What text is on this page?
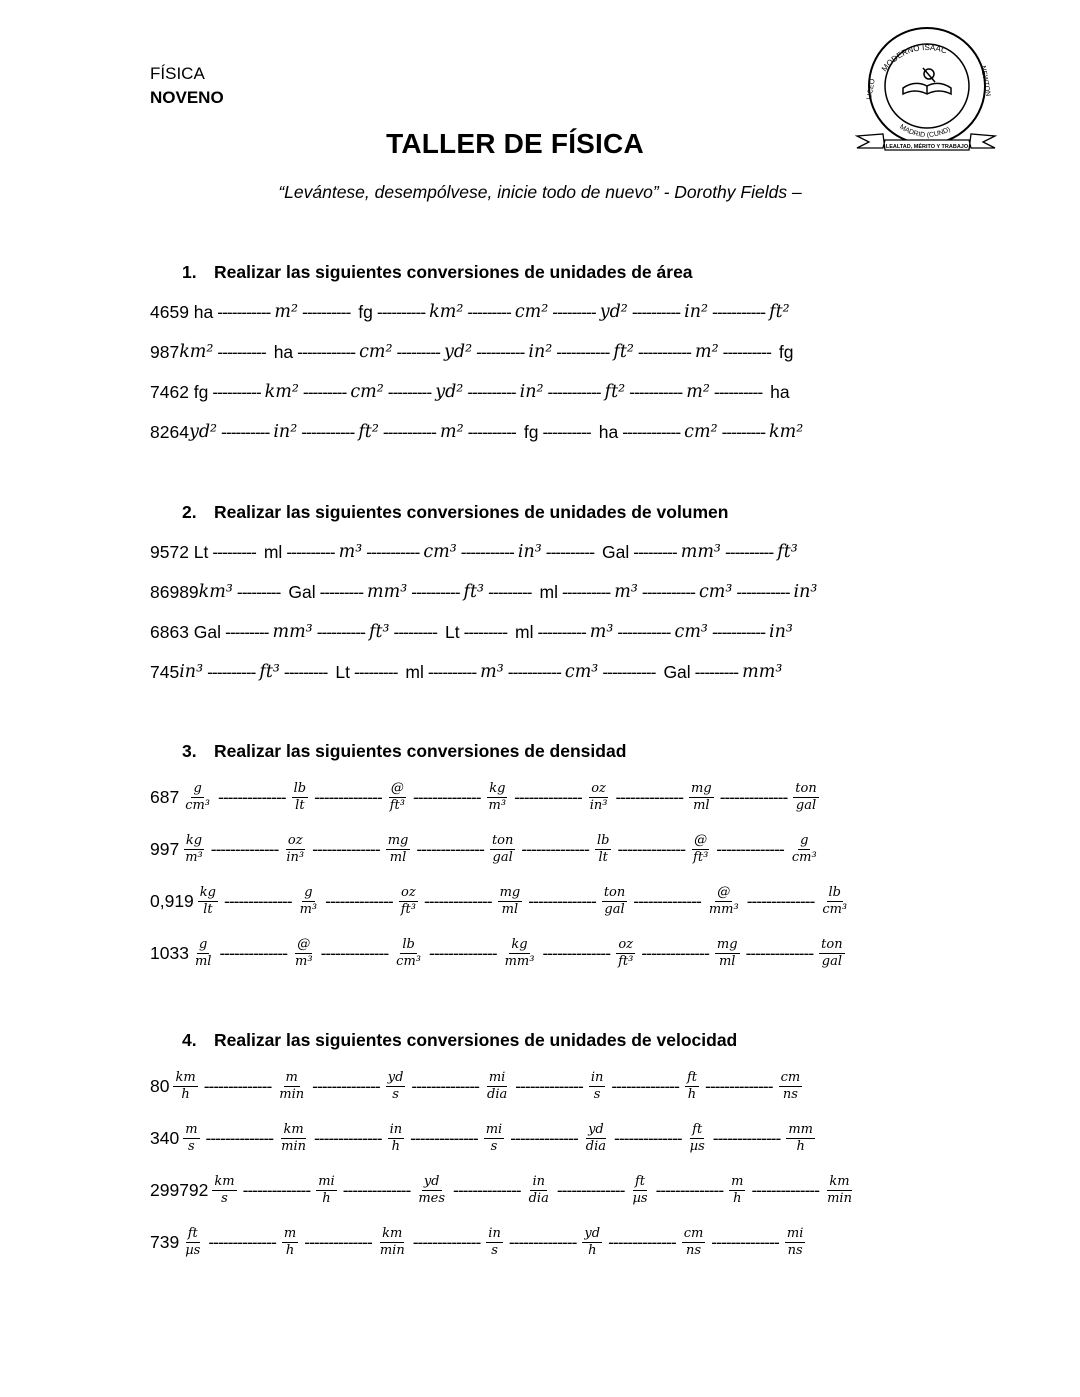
FÍSICA
NOVENO
TALLER DE FÍSICA
“Levántese, desempólvese, inicie todo de nuevo” - Dorothy Fields –
MODERNO ISAAC
LICEO	NEWTON
MADRID (CUND)
LEALTAD, MÉRITO Y TRABAJO
1. Realizar las siguientes conversiones de unidades de área
4659 ha ----------- m² ---------- fg ---------- km² --------- cm² --------- yd² ---------- in² ----------- ft²
987 km² ---------- ha ------------ cm² --------- yd² ---------- in² ----------- ft² ----------- m² ---------- fg
7462 fg ---------- km² --------- cm² --------- yd² ---------- in² ----------- ft² ----------- m² ---------- ha
8264 yd² ---------- in² ----------- ft² ----------- m² ---------- fg ---------- ha ------------ cm² --------- km²
2. Realizar las siguientes conversiones de unidades de volumen
9572 Lt --------- ml ---------- m³ ----------- cm³ ----------- in³ ---------- Gal --------- mm³ ---------- ft³
86989 km³ --------- Gal --------- mm³ ---------- ft³ --------- ml ---------- m³ ----------- cm³ ----------- in³
6863 Gal --------- mm³ ---------- ft³ --------- Lt --------- ml ---------- m³ ----------- cm³ ----------- in³
745 in³ ---------- ft³ --------- Lt --------- ml ---------- m³ ----------- cm³ ----------- Gal --------- mm³
3. Realizar las siguientes conversiones de densidad
$687 \frac{g}{\text{cm³}}$ -------------- $\frac{lb}{lt}$ -------------- $\frac{@}{\text{ft³}}$ -------------- $\frac{kg}{\text{m³}}$ -------------- $\frac{oz}{\text{in³}}$ -------------- $\frac{mg}{ml}$ -------------- $\frac{\text{ton}}{\text{gal}}$
$997 \frac{kg}{\text{m³}}$ -------------- $\frac{oz}{\text{in³}}$ -------------- $\frac{mg}{ml}$ -------------- $\frac{\text{ton}}{\text{gal}}$ -------------- $\frac{lb}{lt}$ -------------- $\frac{@}{\text{ft³}}$ -------------- $\frac{g}{\text{cm³}}$
$0,919 \frac{kg}{lt}$ -------------- $\frac{g}{\text{m³}}$ -------------- $\frac{oz}{\text{ft³}}$ -------------- $\frac{mg}{ml}$ -------------- $\frac{\text{ton}}{\text{gal}}$ -------------- $\frac{@}{\text{mm³}}$ -------------- $\frac{lb}{\text{cm³}}$
$1033 \frac{g}{ml}$ -------------- $\frac{@}{\text{m³}}$ -------------- $\frac{lb}{\text{cm³}}$ -------------- $\frac{kg}{\text{mm³}}$ -------------- $\frac{oz}{\text{ft³}}$ -------------- $\frac{mg}{ml}$ -------------- $\frac{\text{ton}}{\text{gal}}$
4. Realizar las siguientes conversiones de unidades de velocidad
$80 \frac{km}{h}$ -------------- $\frac{m}{\min}$ -------------- $\frac{yd}{s}$ -------------- $\frac{mi}{\text{dia}}$ -------------- $\frac{in}{s}$ -------------- $\frac{ft}{h}$ -------------- $\frac{cm}{ns}$
$340 \frac{m}{s}$ -------------- $\frac{km}{\min}$ -------------- $\frac{in}{h}$ -------------- $\frac{mi}{s}$ -------------- $\frac{yd}{\text{dia}}$ -------------- $\frac{ft}{\text{µs}}$ -------------- $\frac{mm}{h}$
$299792 \frac{km}{s}$ -------------- $\frac{mi}{h}$ -------------- $\frac{yd}{\text{mes}}$ -------------- $\frac{in}{\text{dia}}$ -------------- $\frac{ft}{\text{µs}}$ -------------- $\frac{m}{h}$ -------------- $\frac{km}{\min}$
$739 \frac{ft}{\text{µs}}$ -------------- $\frac{m}{h}$ -------------- $\frac{km}{\min}$ -------------- $\frac{in}{s}$ -------------- $\frac{yd}{h}$ -------------- $\frac{cm}{ns}$ -------------- $\frac{mi}{ns}$
